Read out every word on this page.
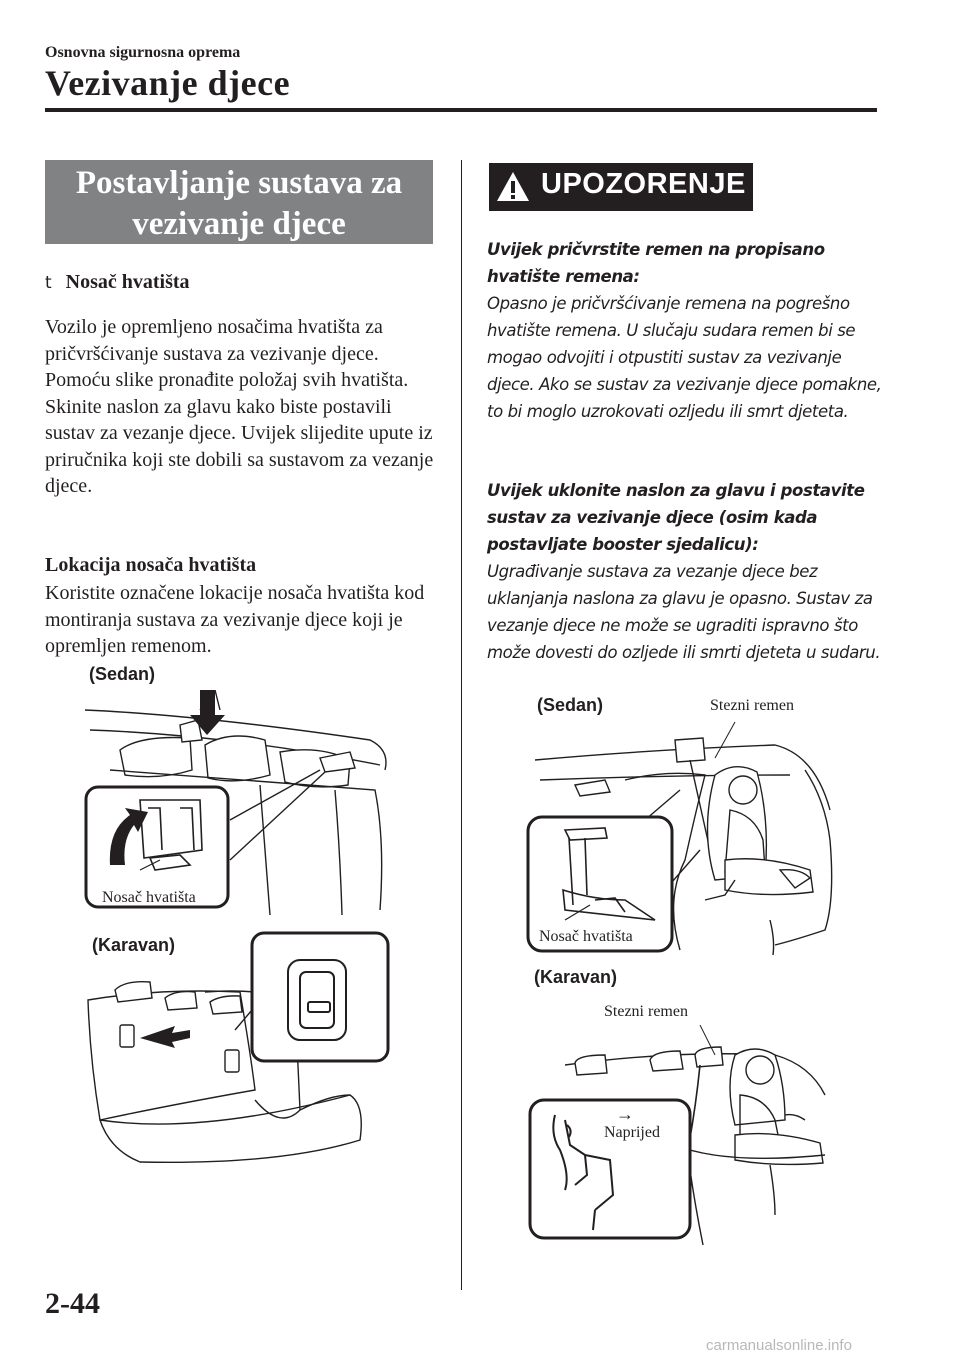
Osnovna sigurnosna oprema
Vezivanje djece
Postavljanje sustava za
vezivanje djece
t Nosač hvatišta

Vozilo je opremljeno nosačima hvatišta za pričvršćivanje sustava za vezivanje djece. Pomoću slike pronađite položaj svih hvatišta. Skinite naslon za glavu kako biste postavili sustav za vezanje djece. Uvijek slijedite upute iz priručnika koji ste dobili sa sustavom za vezanje djece.

Lokacija nosača hvatišta

Koristite označene lokacije nosača hvatišta kod montiranja sustava za vezivanje djece koji je opremljen remenom.

(Sedan)
Nosač hvatišta
(Karavan)
UPOZORENJE

Uvijek pričvrstite remen na propisano hvatište remena:

Opasno je pričvršćivanje remena na pogrešno hvatište remena. U slučaju sudara remen bi se mogao odvojiti i otpustiti sustav za vezivanje djece. Ako se sustav za vezivanje djece pomakne, to bi moglo uzrokovati ozljedu ili smrt djeteta.

Uvijek uklonite naslon za glavu i postavite sustav za vezivanje djece (osim kada postavljate booster sjedalicu):

Ugrađivanje sustava za vezanje djece bez uklanjanja naslona za glavu je opasno. Sustav za vezanje djece ne može se ugraditi ispravno što može dovesti do ozljede ili smrti djeteta u sudaru.

(Sedan)	Stezni remen
Nosač hvatišta
(Karavan)
Stezni remen
→
Naprijed
2-44
carmanualsonline.info
